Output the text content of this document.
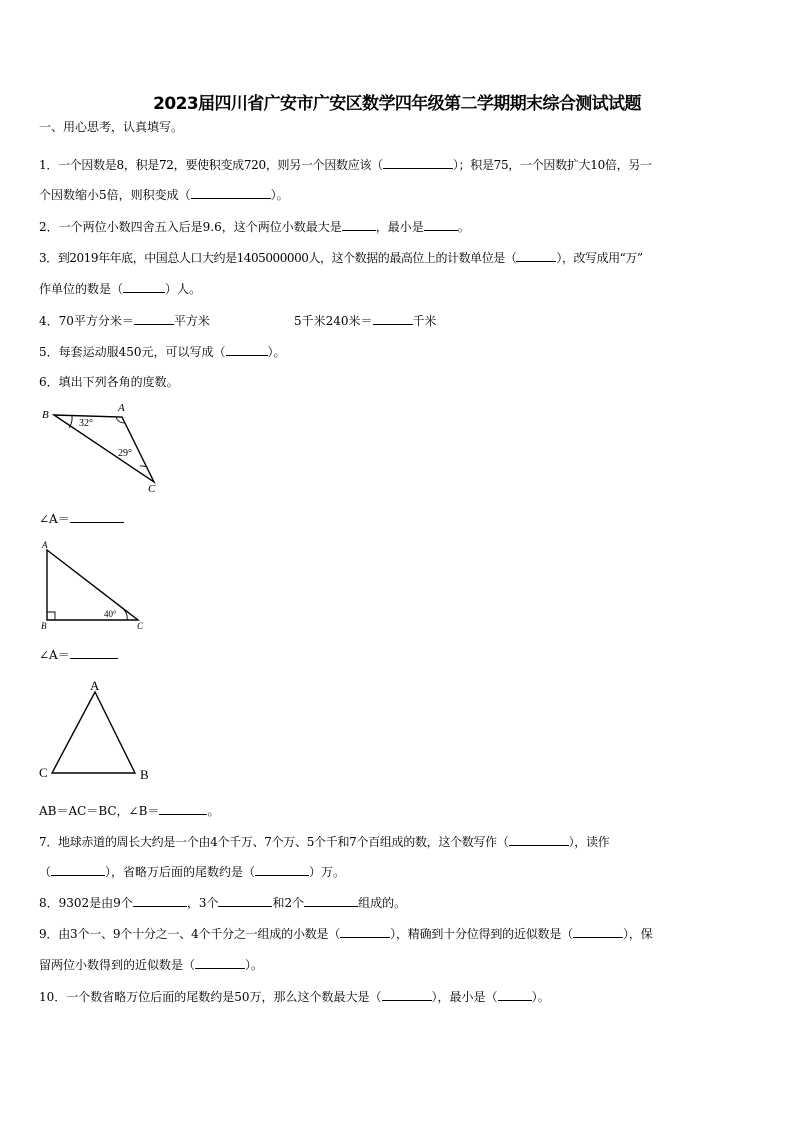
2023届四川省广安市广安区数学四年级第二学期期末综合测试试题
一、用心思考，认真填写。
1．一个因数是8，积是72，要使积变成720，则另一个因数应该（	）；积是75，一个因数扩大10倍，另一
个因数缩小5倍，则积变成（	）。
2．一个两位小数四舍五入后是9.6，这个两位小数最大是	，最小是	。
3．到2019年年底，中国总人口大约是1405000000人，这个数据的最高位上的计数单位是（	），改写成用“万”
作单位的数是（	）人。
4．70平方分米＝	平方米	5千米240米＝	千米
5．每套运动服450元，可以写成（	）。
6．填出下列各角的度数。
B
A
C
32°
29°
∠A＝
A
B	C
40°
∠A＝
A
C	B
AB＝AC＝BC，∠B＝	。
7．地球赤道的周长大约是一个由4个千万、7个万、5个千和7个百组成的数，这个数写作（	），读作
（	），省略万后面的尾数约是（	）万。
8．9302是由9个	，3个	和2个	组成的。
9．由3个一、9个十分之一、4个千分之一组成的小数是（	），精确到十分位得到的近似数是（	），保
留两位小数得到的近似数是（	）。
10．一个数省略万位后面的尾数约是50万，那么这个数最大是（	），最小是（	）。
